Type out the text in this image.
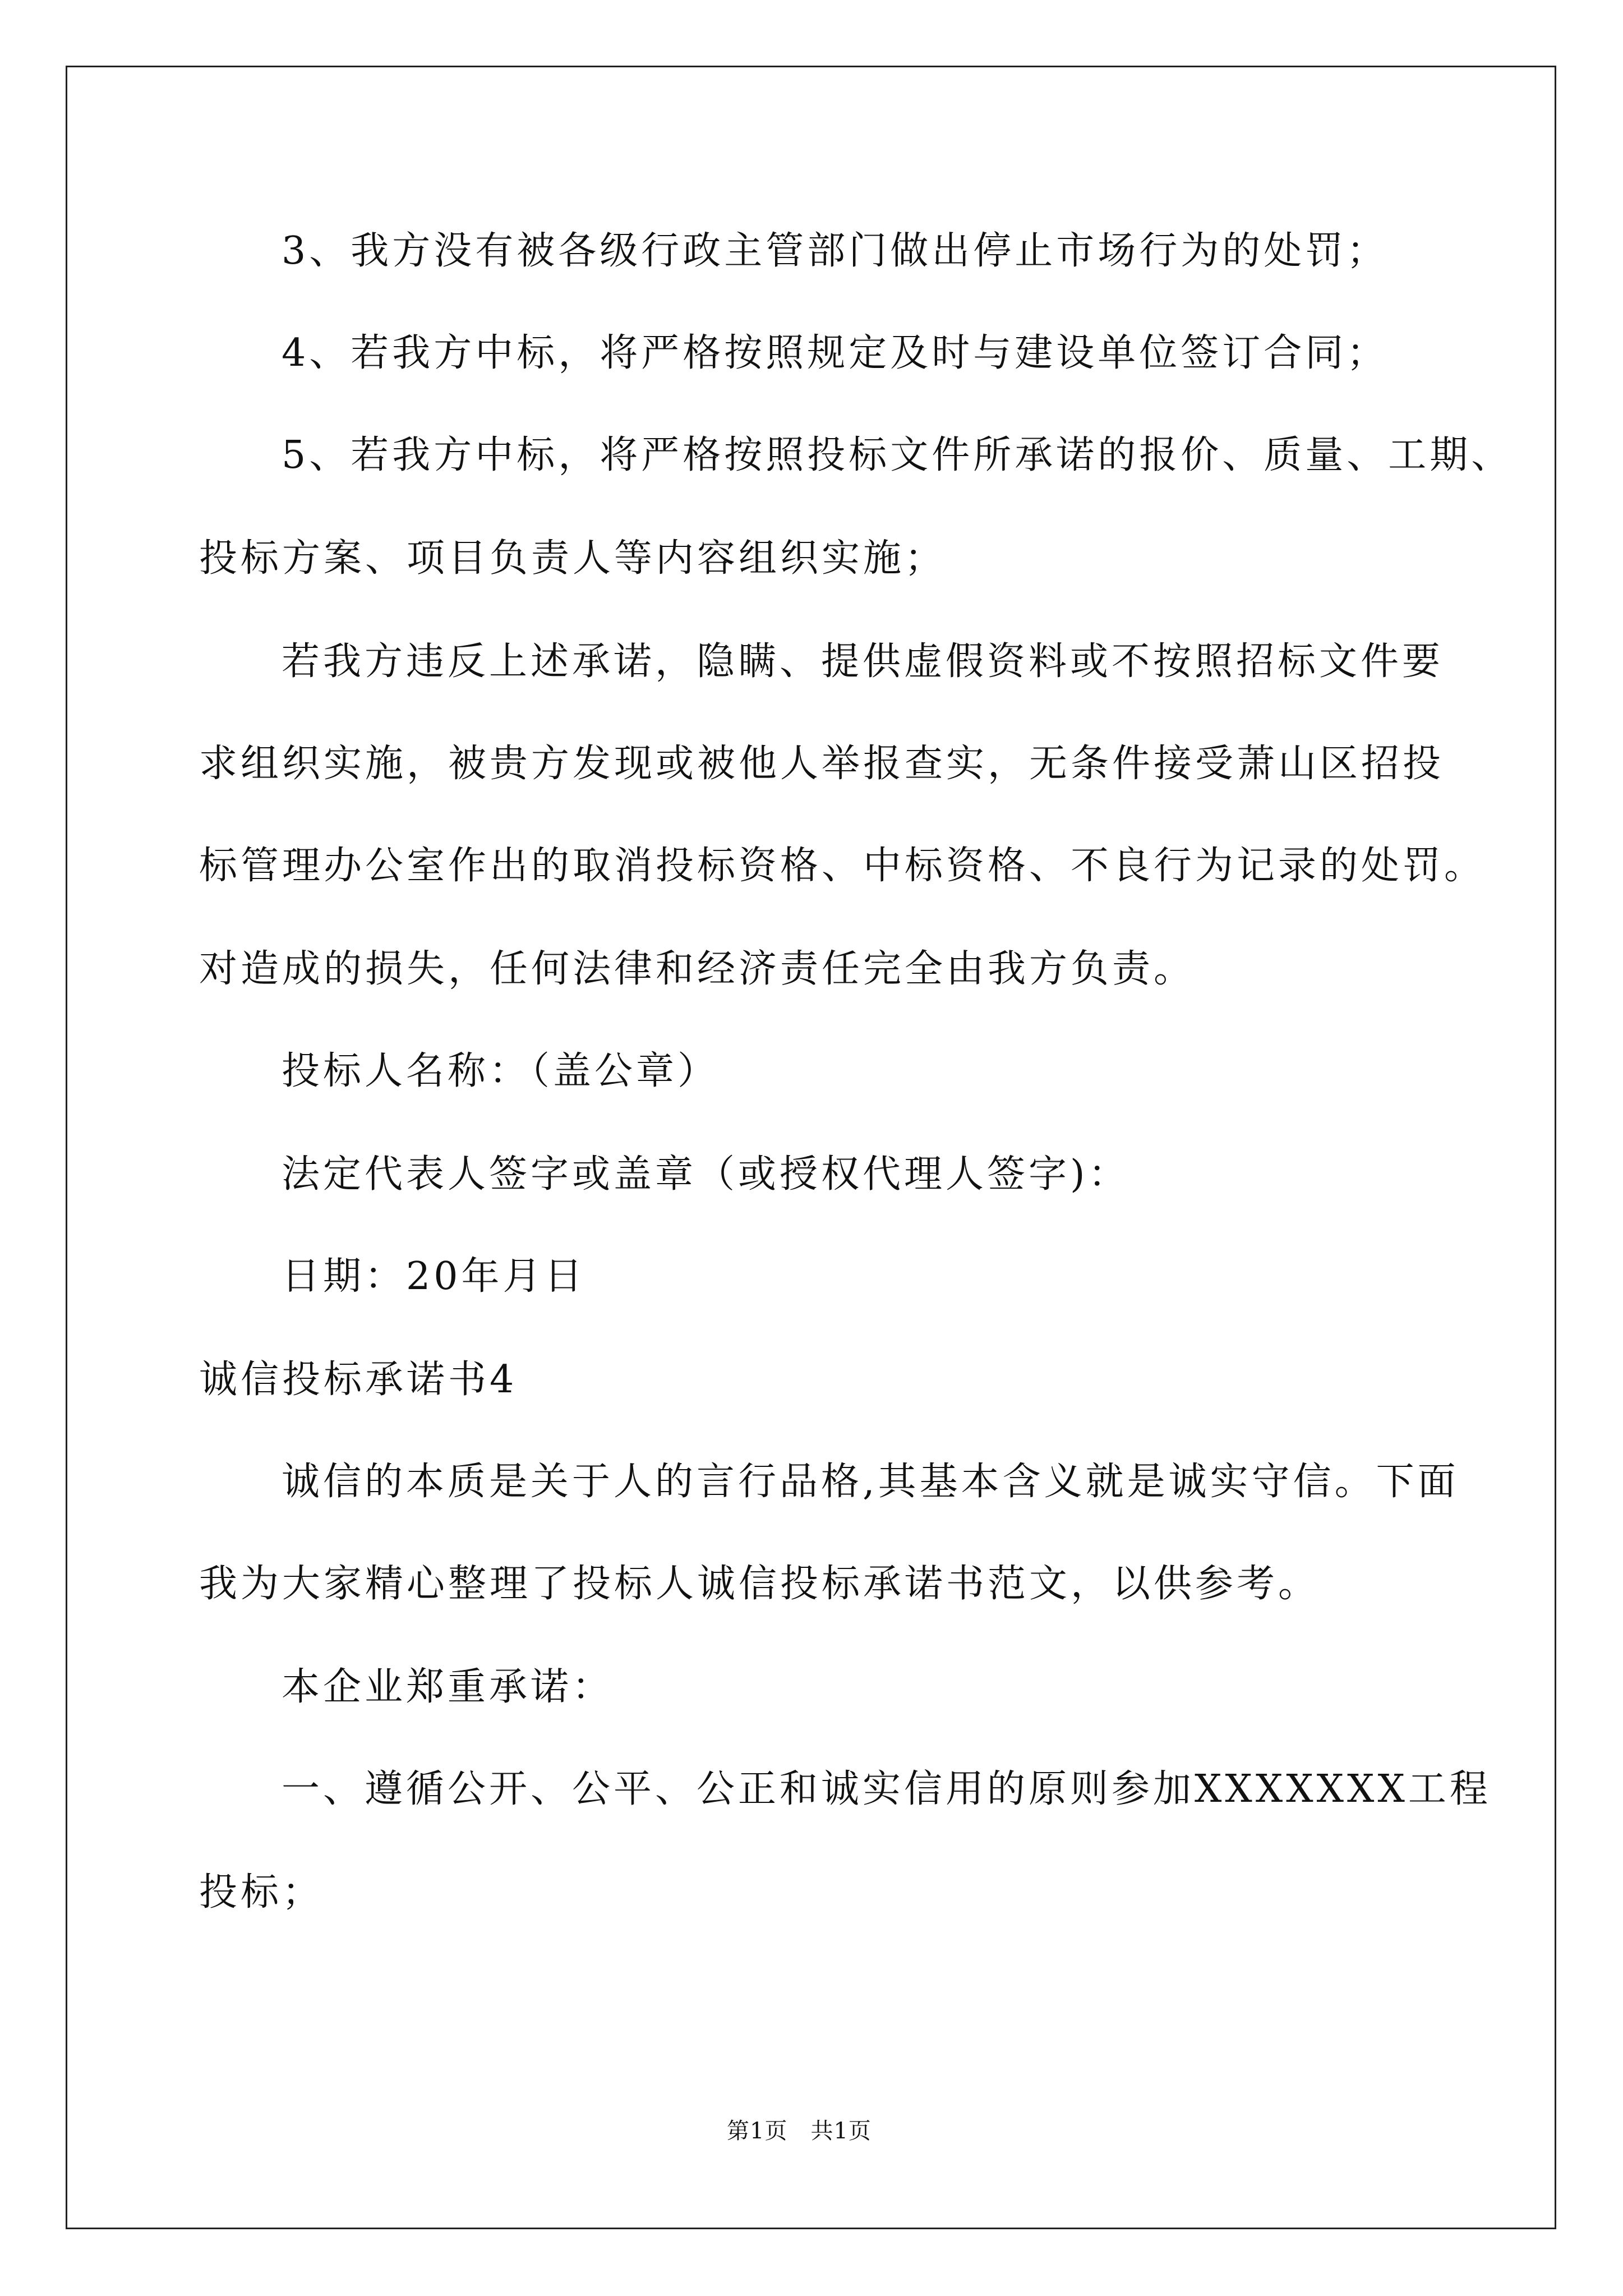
3、我方没有被各级行政主管部门做出停止市场行为的处罚；
4、若我方中标，将严格按照规定及时与建设单位签订合同；
5、若我方中标，将严格按照投标文件所承诺的报价、质量、工期、
投标方案、项目负责人等内容组织实施；
若我方违反上述承诺，隐瞒、提供虚假资料或不按照招标文件要
求组织实施，被贵方发现或被他人举报查实，无条件接受萧山区招投
标管理办公室作出的取消投标资格、中标资格、不良行为记录的处罚。
对造成的损失，任何法律和经济责任完全由我方负责。
投标人名称：（盖公章）
法定代表人签字或盖章（或授权代理人签字)：
日期：20年月日
诚信投标承诺书4
诚信的本质是关于人的言行品格,其基本含义就是诚实守信。下面
我为大家精心整理了投标人诚信投标承诺书范文，以供参考。
本企业郑重承诺：
一、遵循公开、公平、公正和诚实信用的原则参加XXXXXXX工程
投标；
第1页　共1页
